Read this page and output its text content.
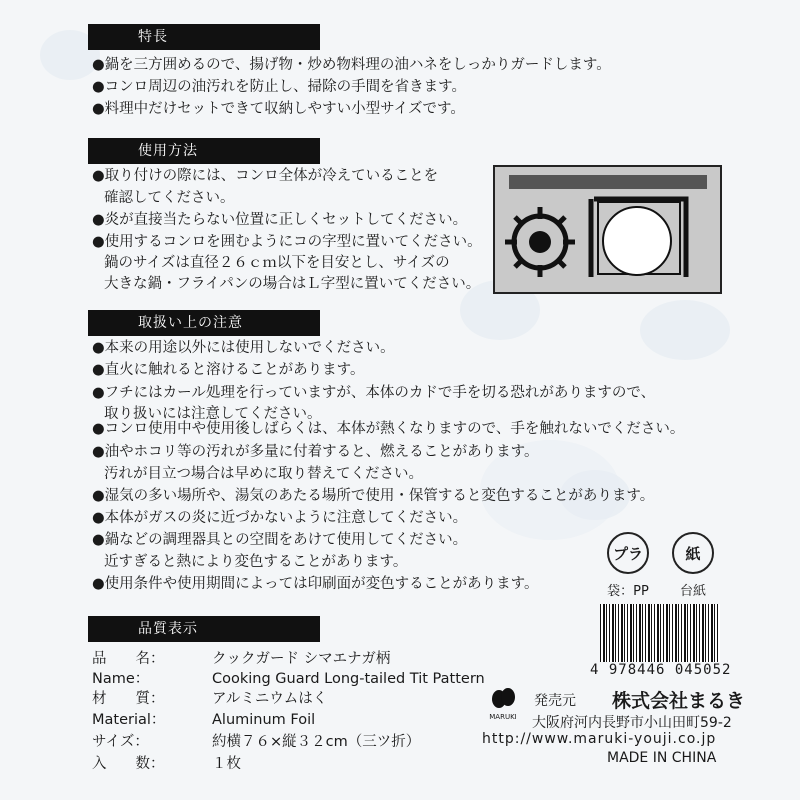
特長
●鍋を三方囲めるので、揚げ物・炒め物料理の油ハネをしっかりガードします。
●コンロ周辺の油汚れを防止し、掃除の手間を省きます。
●料理中だけセットできて収納しやすい小型サイズです。
使用方法
●取り付けの際には、コンロ全体が冷えていることを
確認してください。
●炎が直接当たらない位置に正しくセットしてください。
●使用するコンロを囲むようにコの字型に置いてください。
鍋のサイズは直径２６ｃｍ以下を目安とし、サイズの
大きな鍋・フライパンの場合はＬ字型に置いてください。
取扱い上の注意
●本来の用途以外には使用しないでください。
●直火に触れると溶けることがあります。
●フチにはカール処理を行っていますが、本体のカドで手を切る恐れがありますので、
取り扱いには注意してください。
●コンロ使用中や使用後しばらくは、本体が熱くなりますので、手を触れないでください。
●油やホコリ等の汚れが多量に付着すると、燃えることがあります。
汚れが目立つ場合は早めに取り替えてください。
●湿気の多い場所や、湯気のあたる場所で使用・保管すると変色することがあります。
●本体がガスの炎に近づかないように注意してください。
●鍋などの調理器具との空間をあけて使用してください。
近すぎると熱により変色することがあります。
●使用条件や使用期間によっては印刷面が変色することがあります。
プラ
袋：PP
紙
台紙
品質表示
品　　名：	クックガード シマエナガ柄
Name：	Cooking Guard Long-tailed Tit Pattern
材　　質：	アルミニウムはく
Material：	Aluminum Foil
サイズ：	約横７６×縦３２cm（三ツ折）
入　　数：	１枚
4 978446 045052
MARUKI
発売元 株式会社まるき
大阪府河内長野市小山田町59-2
http://www.maruki-youji.co.jp
MADE IN CHINA
